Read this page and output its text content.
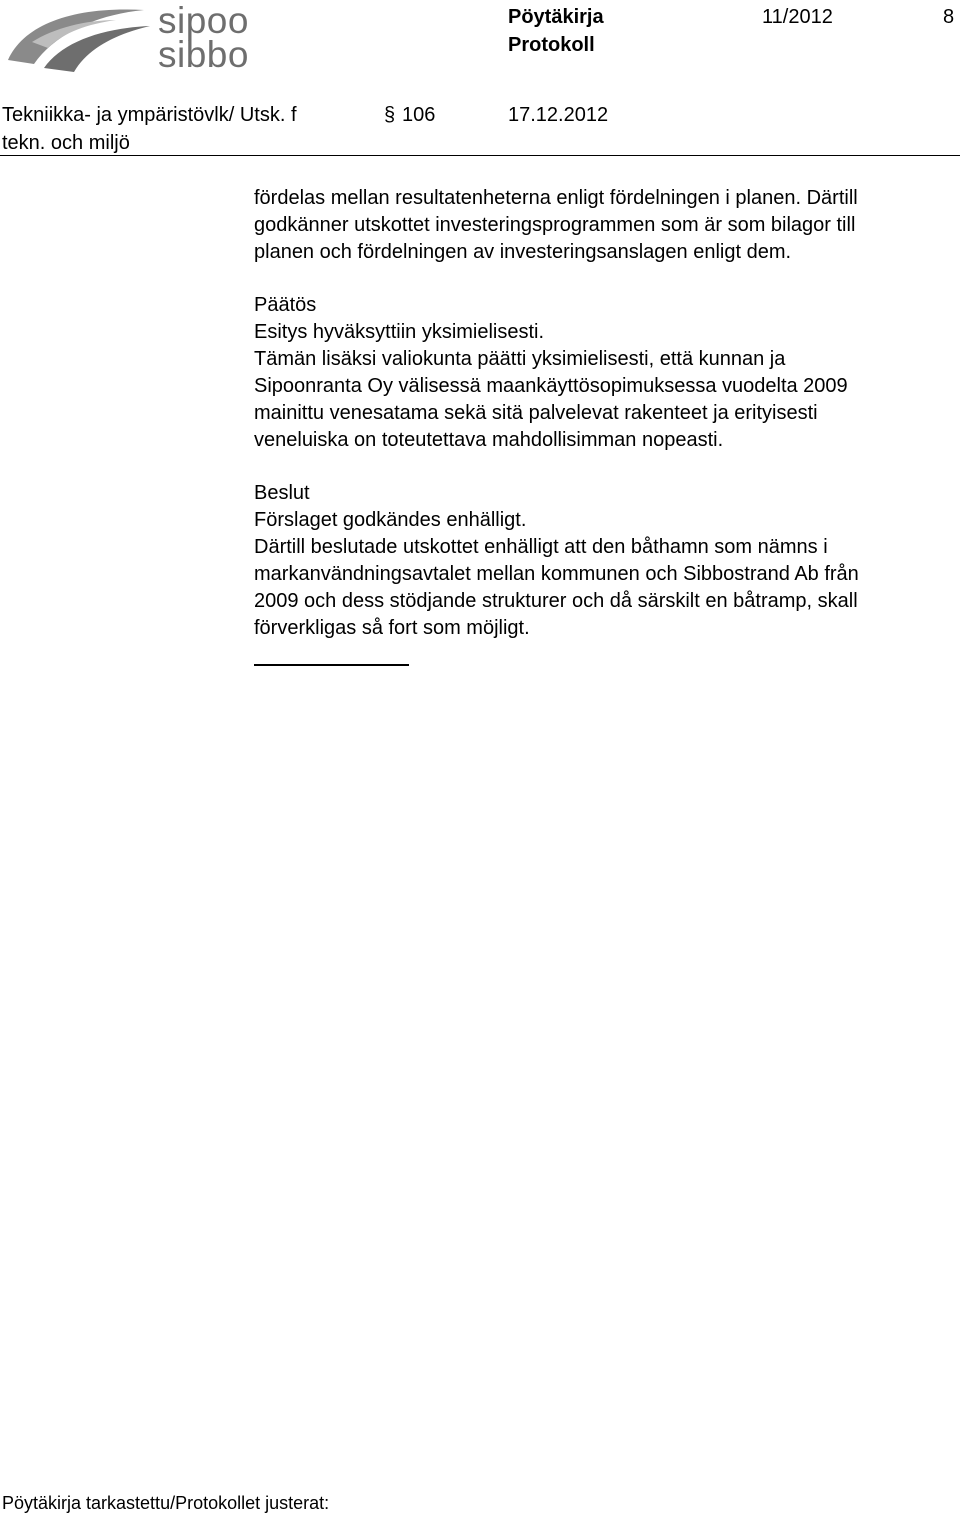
sipoo
sibbo
Pöytäkirja
Protokoll
11/2012	8
Tekniikka- ja ympäristövlk/ Utsk. f
tekn. och miljö
§ 106	17.12.2012

fördelas mellan resultatenheterna enligt fördelningen i planen. Därtill

godkänner utskottet investeringsprogrammen som är som bilagor till

planen och fördelningen av investeringsanslagen enligt dem.

Päätös

Esitys hyväksyttiin yksimielisesti.

Tämän lisäksi valiokunta päätti yksimielisesti, että kunnan ja

Sipoonranta Oy välisessä maankäyttösopimuksessa vuodelta 2009

mainittu venesatama sekä sitä palvelevat rakenteet ja erityisesti

veneluiska on toteutettava mahdollisimman nopeasti.

Beslut

Förslaget godkändes enhälligt.

Därtill beslutade utskottet enhälligt att den båthamn som nämns i

markanvändningsavtalet mellan kommunen och Sibbostrand Ab från

2009 och dess stödjande strukturer och då särskilt en båtramp, skall

förverkligas så fort som möjligt.

Pöytäkirja tarkastettu/Protokollet justerat:
